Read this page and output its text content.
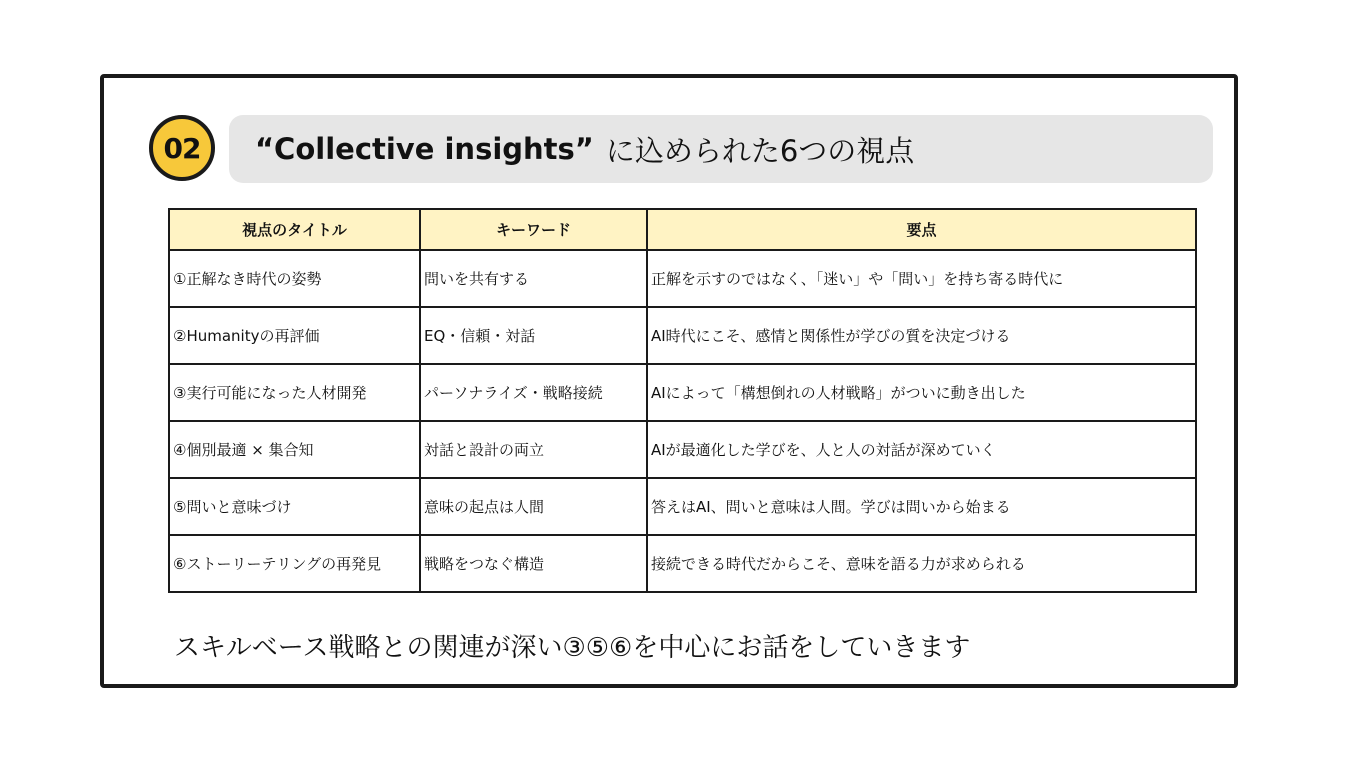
02	“Collective insights” に込められた6つの視点
視点のタイトル	キーワード	要点
①正解なき時代の姿勢	問いを共有する	正解を示すのではなく、「迷い」や「問い」を持ち寄る時代に
②Humanityの再評価	EQ・信頼・対話	AI時代にこそ、感情と関係性が学びの質を決定づける
③実行可能になった人材開発	パーソナライズ・戦略接続	AIによって「構想倒れの人材戦略」がついに動き出した
④個別最適 × 集合知	対話と設計の両立	AIが最適化した学びを、人と人の対話が深めていく
⑤問いと意味づけ	意味の起点は人間	答えはAI、問いと意味は人間。学びは問いから始まる
⑥ストーリーテリングの再発見	戦略をつなぐ構造	接続できる時代だからこそ、意味を語る力が求められる
スキルベース戦略との関連が深い③⑤⑥を中心にお話をしていきます
